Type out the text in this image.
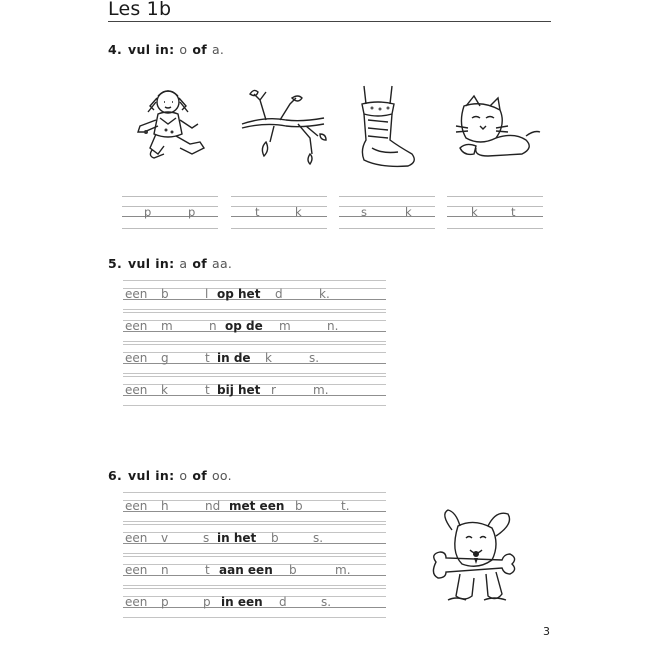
Les 1b
4. vul in: o of a.
p	p	t	k	s	k	k	t
5. vul in: a of aa.
een b	l op het d	k.
een m	n op de m	n.
een g	t in de k	s.
een k	t bij het r	m.
6. vul in: o of oo.
een h	nd met een b	t.
een v	s in het b	s.
een n	t aan een b	m.
een p	p in een d	s.
3
